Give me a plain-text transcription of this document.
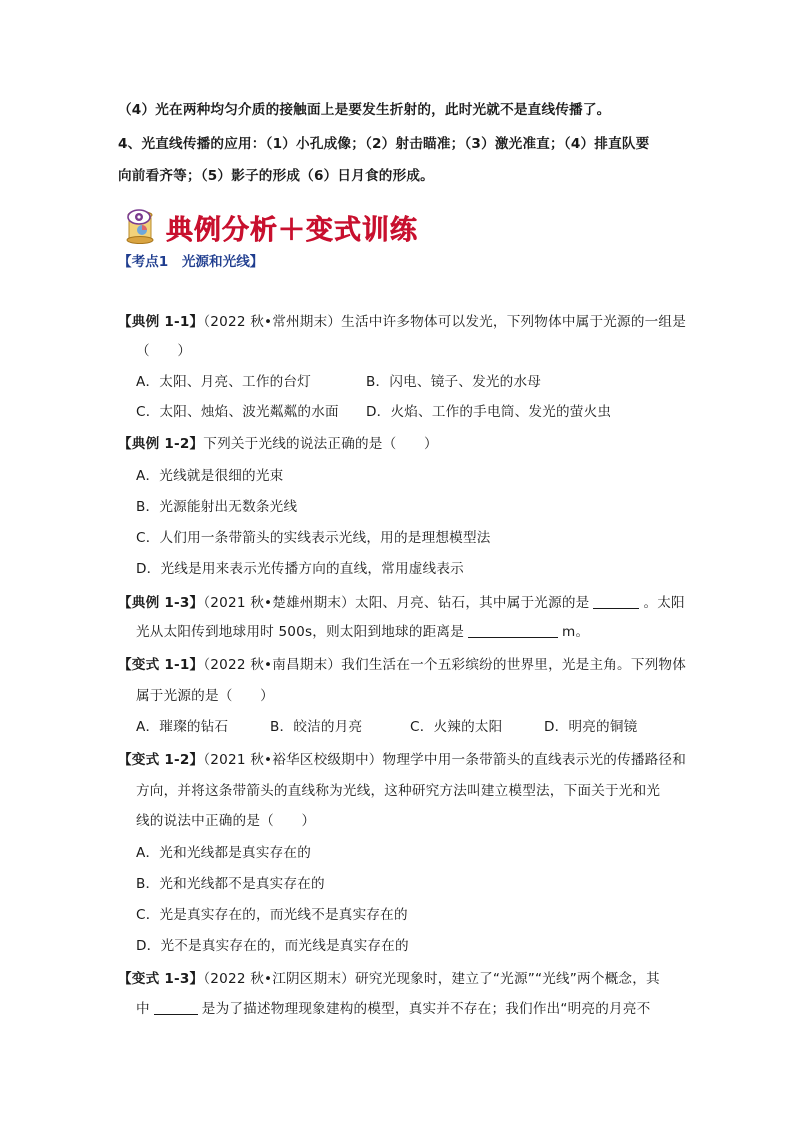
（4）光在两种均匀介质的接触面上是要发生折射的，此时光就不是直线传播了。
4、光直线传播的应用：（1）小孔成像；（2）射击瞄准；（3）激光准直；（4）排直队要
向前看齐等；（5）影子的形成（6）日月食的形成。
典例分析＋变式训练
【考点1　光源和光线】
【典例 1-1】（2022 秋•常州期末）生活中许多物体可以发光，下列物体中属于光源的一组是
（　　）
A．太阳、月亮、工作的台灯	B．闪电、镜子、发光的水母
C．太阳、烛焰、波光粼粼的水面 D．火焰、工作的手电筒、发光的萤火虫
【典例 1-2】下列关于光线的说法正确的是（　　）
A．光线就是很细的光束
B．光源能射出无数条光线
C．人们用一条带箭头的实线表示光线，用的是理想模型法
D．光线是用来表示光传播方向的直线，常用虚线表示
【典例 1-3】（2021 秋•楚雄州期末）太阳、月亮、钻石，其中属于光源的是	。太阳
光从太阳传到地球用时 500s，则太阳到地球的距离是	m。
【变式 1-1】（2022 秋•南昌期末）我们生活在一个五彩缤纷的世界里，光是主角。下列物体
属于光源的是（　　）
A．璀璨的钻石	B．皎洁的月亮	C．火辣的太阳	D．明亮的铜镜
【变式 1-2】（2021 秋•裕华区校级期中）物理学中用一条带箭头的直线表示光的传播路径和
方向，并将这条带箭头的直线称为光线，这种研究方法叫建立模型法，下面关于光和光
线的说法中正确的是（　　）
A．光和光线都是真实存在的
B．光和光线都不是真实存在的
C．光是真实存在的，而光线不是真实存在的
D．光不是真实存在的，而光线是真实存在的
【变式 1-3】（2022 秋•江阴区期末）研究光现象时，建立了“光源”“光线”两个概念，其
中	是为了描述物理现象建构的模型，真实并不存在；我们作出“明亮的月亮不
